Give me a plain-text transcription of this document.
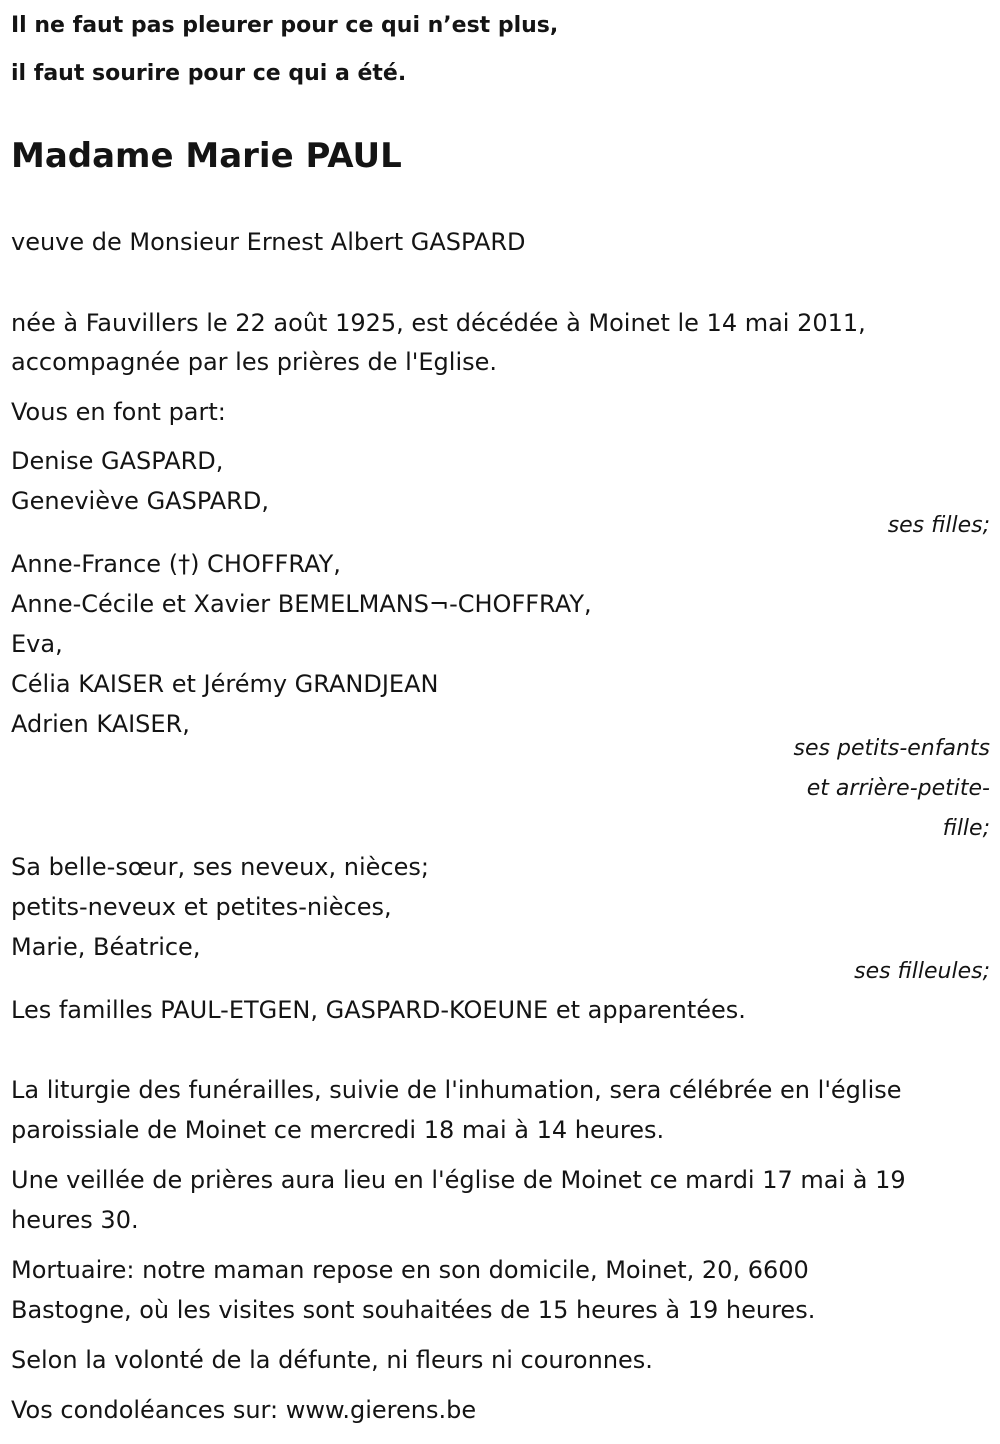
Il ne faut pas pleurer pour ce qui n’est plus,
il faut sourire pour ce qui a été.
Madame Marie PAUL
veuve de Monsieur Ernest Albert GASPARD
née à Fauvillers le 22 août 1925, est décédée à Moinet le 14 mai 2011,
accompagnée par les prières de l'Eglise.
Vous en font part:
Denise GASPARD,
Geneviève GASPARD,
ses filles;
Anne-France (†) CHOFFRAY,
Anne-Cécile et Xavier BEMELMANS¬-CHOFFRAY,
Eva,
Célia KAISER et Jérémy GRANDJEAN
Adrien KAISER,
ses petits-enfants
et arrière-petite-
fille;
Sa belle-sœur, ses neveux, nièces;
petits-neveux et petites-nièces,
Marie, Béatrice,
ses filleules;
Les familles PAUL-ETGEN, GASPARD-KOEUNE et apparentées.
La liturgie des funérailles, suivie de l'inhumation, sera célébrée en l'église
paroissiale de Moinet ce mercredi 18 mai à 14 heures.
Une veillée de prières aura lieu en l'église de Moinet ce mardi 17 mai à 19
heures 30.
Mortuaire: notre maman repose en son domicile, Moinet, 20, 6600
Bastogne, où les visites sont souhaitées de 15 heures à 19 heures.
Selon la volonté de la défunte, ni fleurs ni couronnes.
Vos condoléances sur: www.gierens.be
